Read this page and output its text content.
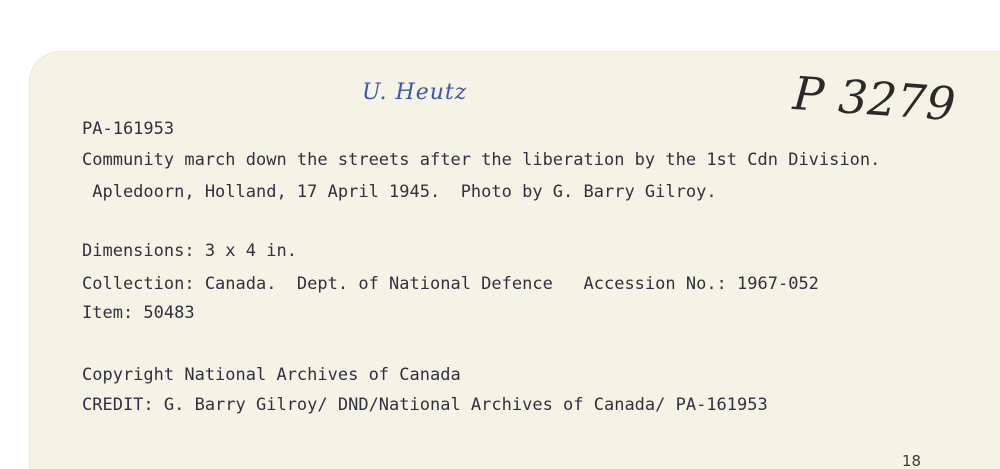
U. Heutz	P 3279
PA-161953
Community march down the streets after the liberation by the 1st Cdn Division.
Apledoorn, Holland, 17 April 1945.  Photo by G. Barry Gilroy.
Dimensions: 3 x 4 in.
Collection: Canada.  Dept. of National Defence   Accession No.: 1967-052
Item: 50483
Copyright National Archives of Canada
CREDIT: G. Barry Gilroy/ DND/National Archives of Canada/ PA-161953
18
